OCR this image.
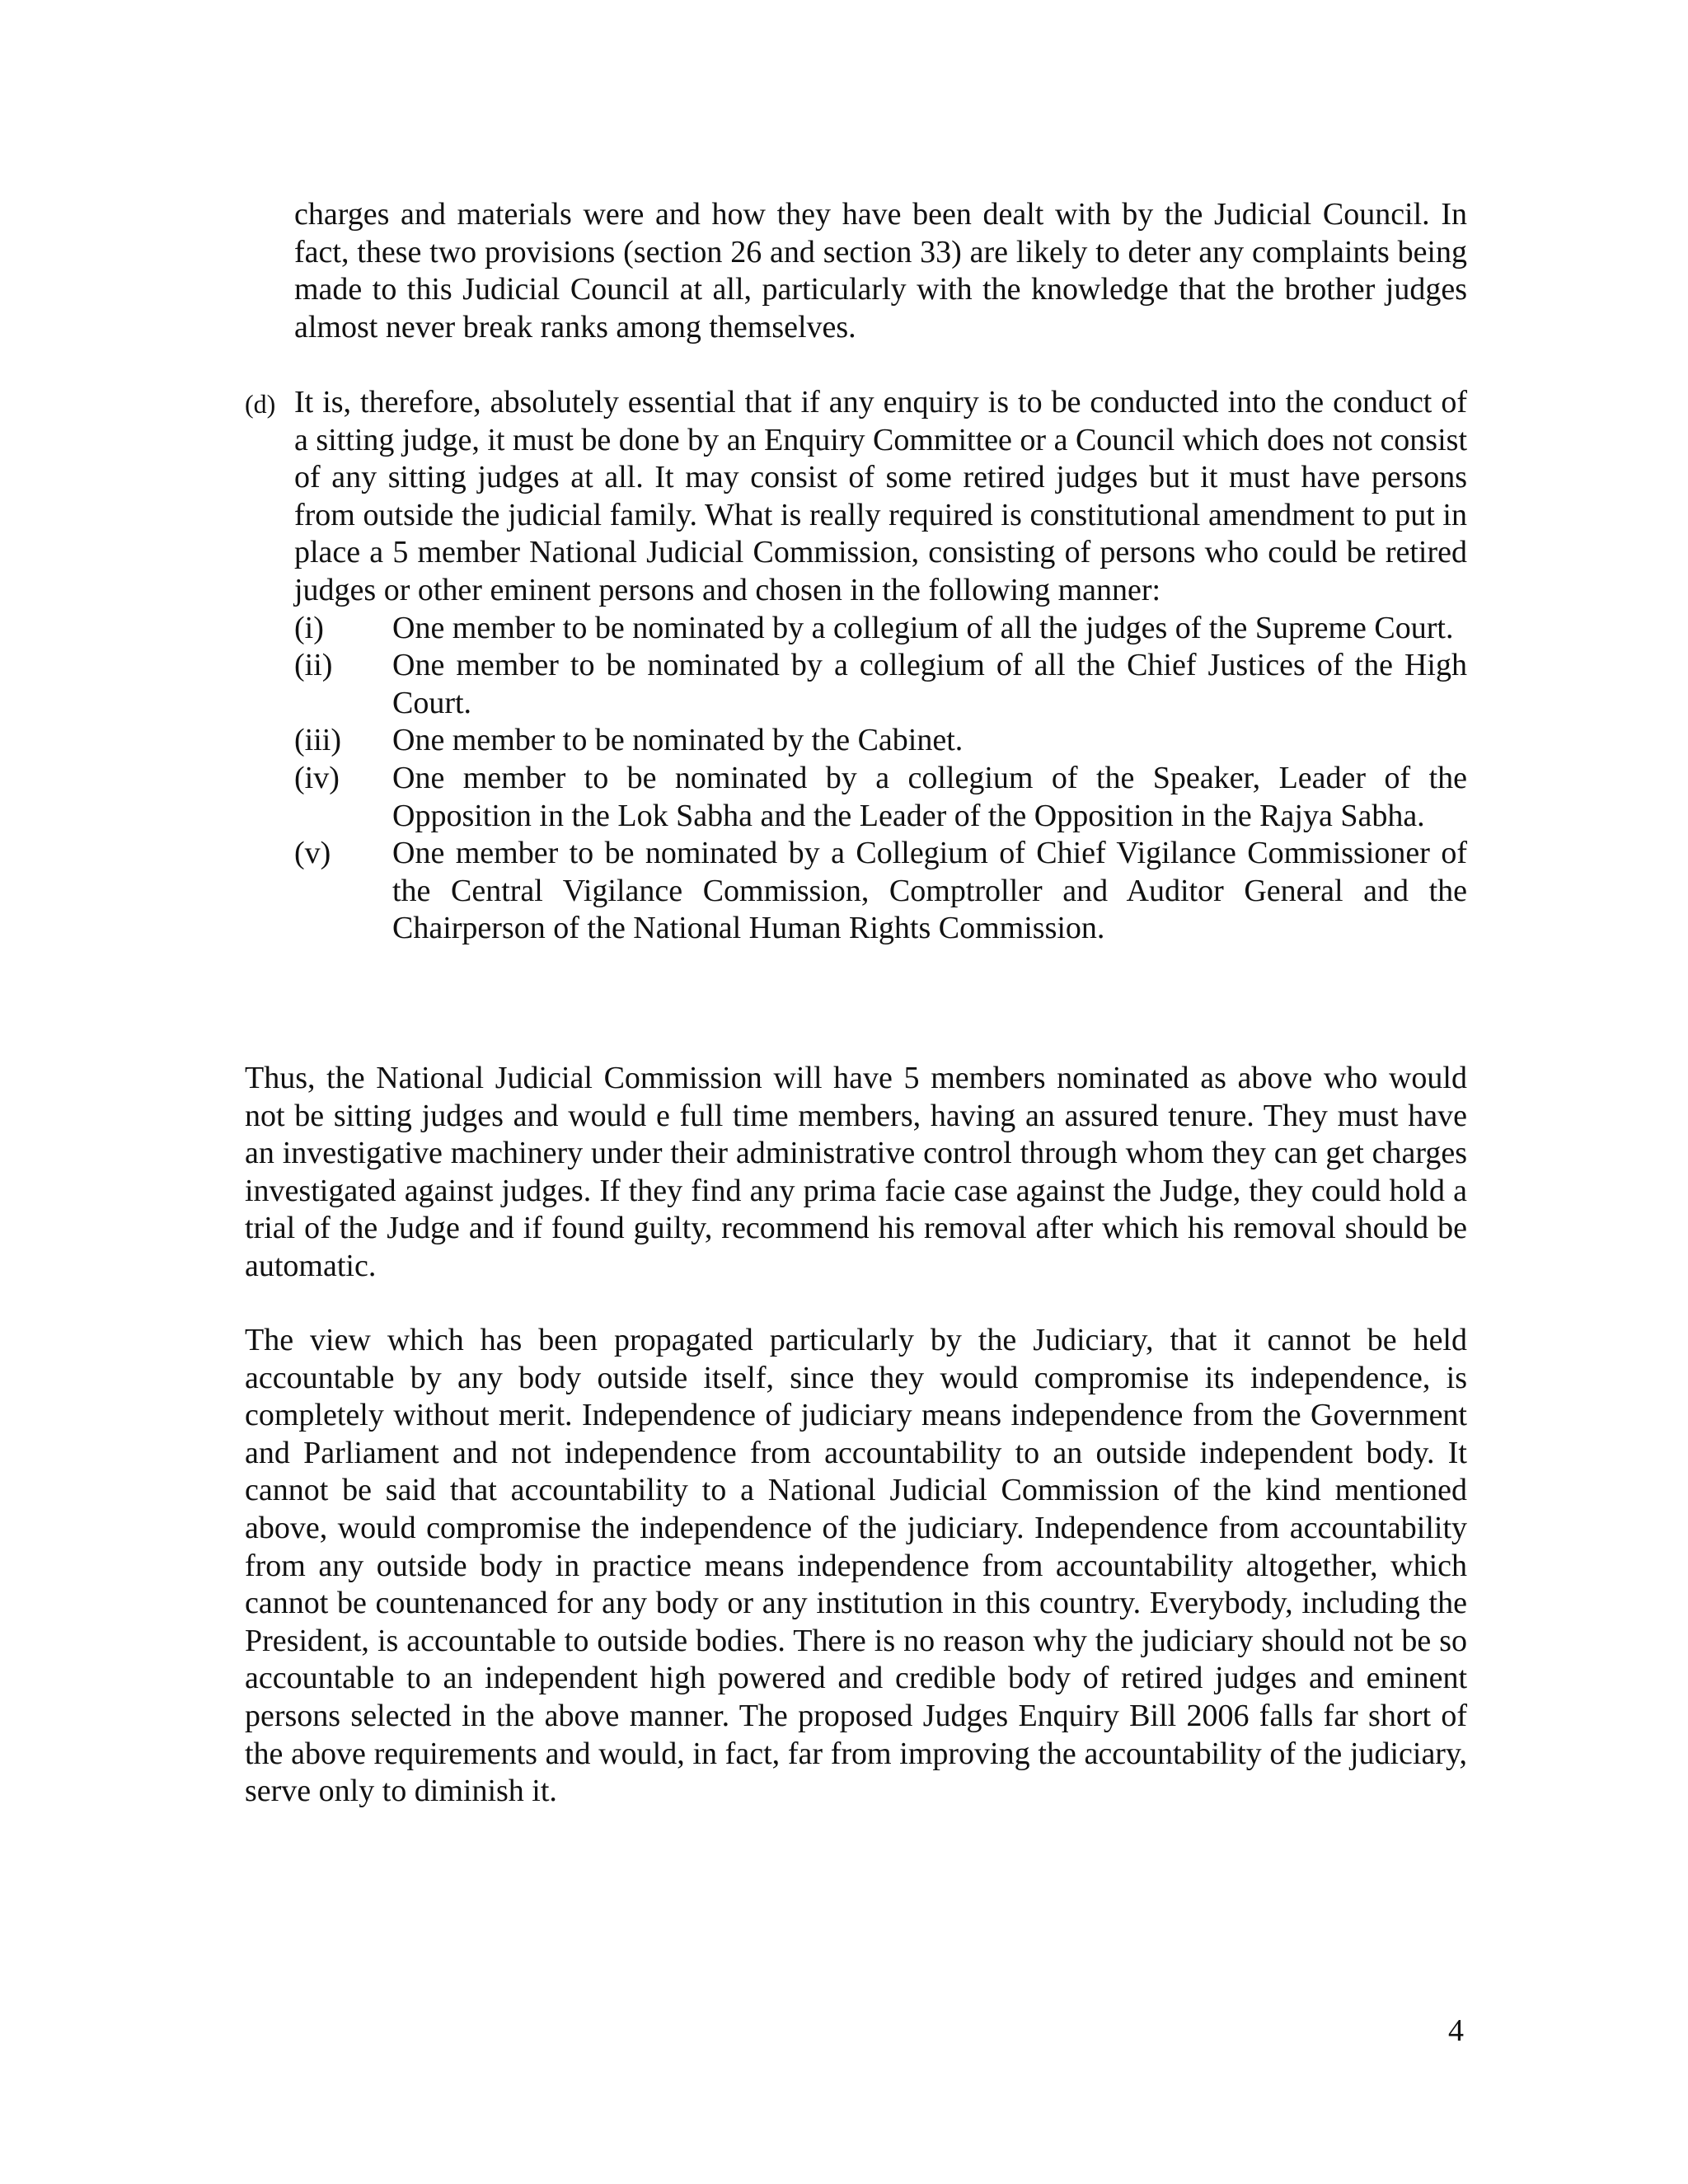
charges and materials were and how they have been dealt with by the Judicial Council. In fact, these two provisions (section 26 and section 33) are likely to deter any complaints being made to this Judicial Council at all, particularly with the knowledge that the brother judges almost never break ranks among themselves.

(d) It is, therefore, absolutely essential that if any enquiry is to be conducted into the conduct of a sitting judge, it must be done by an Enquiry Committee or a Council which does not consist of any sitting judges at all. It may consist of some retired judges but it must have persons from outside the judicial family. What is really required is constitutional amendment to put in place a 5 member National Judicial Commission, consisting of persons who could be retired judges or other eminent persons and chosen in the following manner:

(i) One member to be nominated by a collegium of all the judges of the Supreme Court.
(ii) One member to be nominated by a collegium of all the Chief Justices of the High Court.
(iii) One member to be nominated by the Cabinet.
(iv) One member to be nominated by a collegium of the Speaker, Leader of the Opposition in the Lok Sabha and the Leader of the Opposition in the Rajya Sabha.
(v) One member to be nominated by a Collegium of Chief Vigilance Commissioner of the Central Vigilance Commission, Comptroller and Auditor General and the Chairperson of the National Human Rights Commission.

Thus, the National Judicial Commission will have 5 members nominated as above who would not be sitting judges and would e full time members, having an assured tenure. They must have an investigative machinery under their administrative control through whom they can get charges investigated against judges. If they find any prima facie case against the Judge, they could hold a trial of the Judge and if found guilty, recommend his removal after which his removal should be automatic.

The view which has been propagated particularly by the Judiciary, that it cannot be held accountable by any body outside itself, since they would compromise its independence, is completely without merit. Independence of judiciary means independence from the Government and Parliament and not independence from accountability to an outside independent body. It cannot be said that accountability to a National Judicial Commission of the kind mentioned above, would compromise the independence of the judiciary. Independence from accountability from any outside body in practice means independence from accountability altogether, which cannot be countenanced for any body or any institution in this country. Everybody, including the President, is accountable to outside bodies. There is no reason why the judiciary should not be so accountable to an independent high powered and credible body of retired judges and eminent persons selected in the above manner. The proposed Judges Enquiry Bill 2006 falls far short of the above requirements and would, in fact, far from improving the accountability of the judiciary, serve only to diminish it.

4
